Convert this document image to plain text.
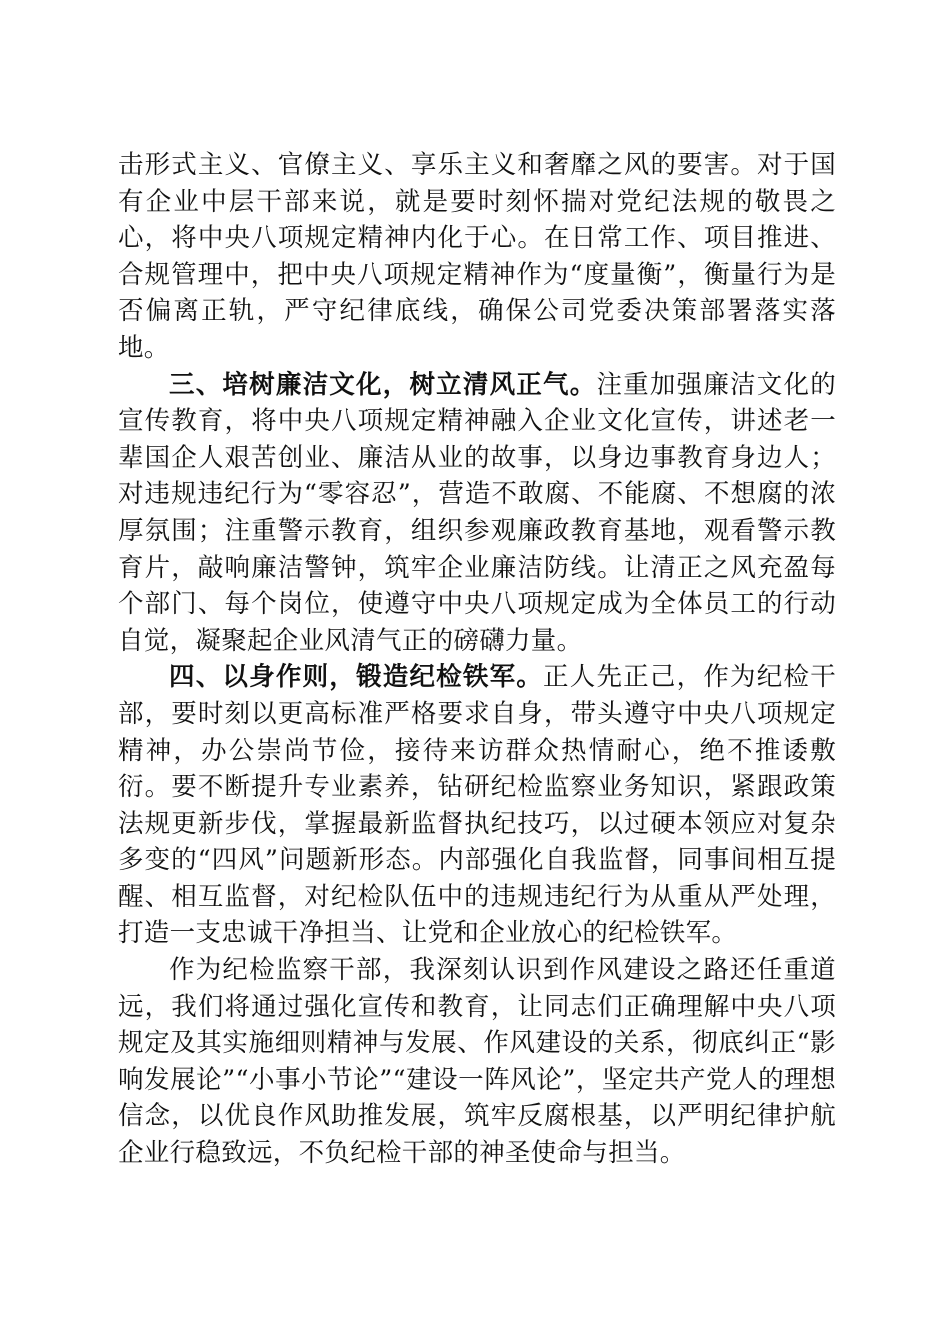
击形式主义、官僚主义、享乐主义和奢靡之风的要害。对于国有企业中层干部来说，就是要时刻怀揣对党纪法规的敬畏之心，将中央八项规定精神内化于心。在日常工作、项目推进、合规管理中，把中央八项规定精神作为“度量衡”，衡量行为是否偏离正轨，严守纪律底线，确保公司党委决策部署落实落地。

三、培树廉洁文化，树立清风正气。注重加强廉洁文化的宣传教育，将中央八项规定精神融入企业文化宣传，讲述老一辈国企人艰苦创业、廉洁从业的故事，以身边事教育身边人；对违规违纪行为“零容忍”，营造不敢腐、不能腐、不想腐的浓厚氛围；注重警示教育，组织参观廉政教育基地，观看警示教育片，敲响廉洁警钟，筑牢企业廉洁防线。让清正之风充盈每个部门、每个岗位，使遵守中央八项规定成为全体员工的行动自觉，凝聚起企业风清气正的磅礴力量。

四、以身作则，锻造纪检铁军。正人先正己，作为纪检干部，要时刻以更高标准严格要求自身，带头遵守中央八项规定精神，办公崇尚节俭，接待来访群众热情耐心，绝不推诿敷衍。要不断提升专业素养，钻研纪检监察业务知识，紧跟政策法规更新步伐，掌握最新监督执纪技巧，以过硬本领应对复杂多变的“四风”问题新形态。内部强化自我监督，同事间相互提醒、相互监督，对纪检队伍中的违规违纪行为从重从严处理，打造一支忠诚干净担当、让党和企业放心的纪检铁军。

作为纪检监察干部，我深刻认识到作风建设之路还任重道远，我们将通过强化宣传和教育，让同志们正确理解中央八项规定及其实施细则精神与发展、作风建设的关系，彻底纠正“影响发展论”“小事小节论”“建设一阵风论”，坚定共产党人的理想信念，以优良作风助推发展，筑牢反腐根基，以严明纪律护航企业行稳致远，不负纪检干部的神圣使命与担当。
